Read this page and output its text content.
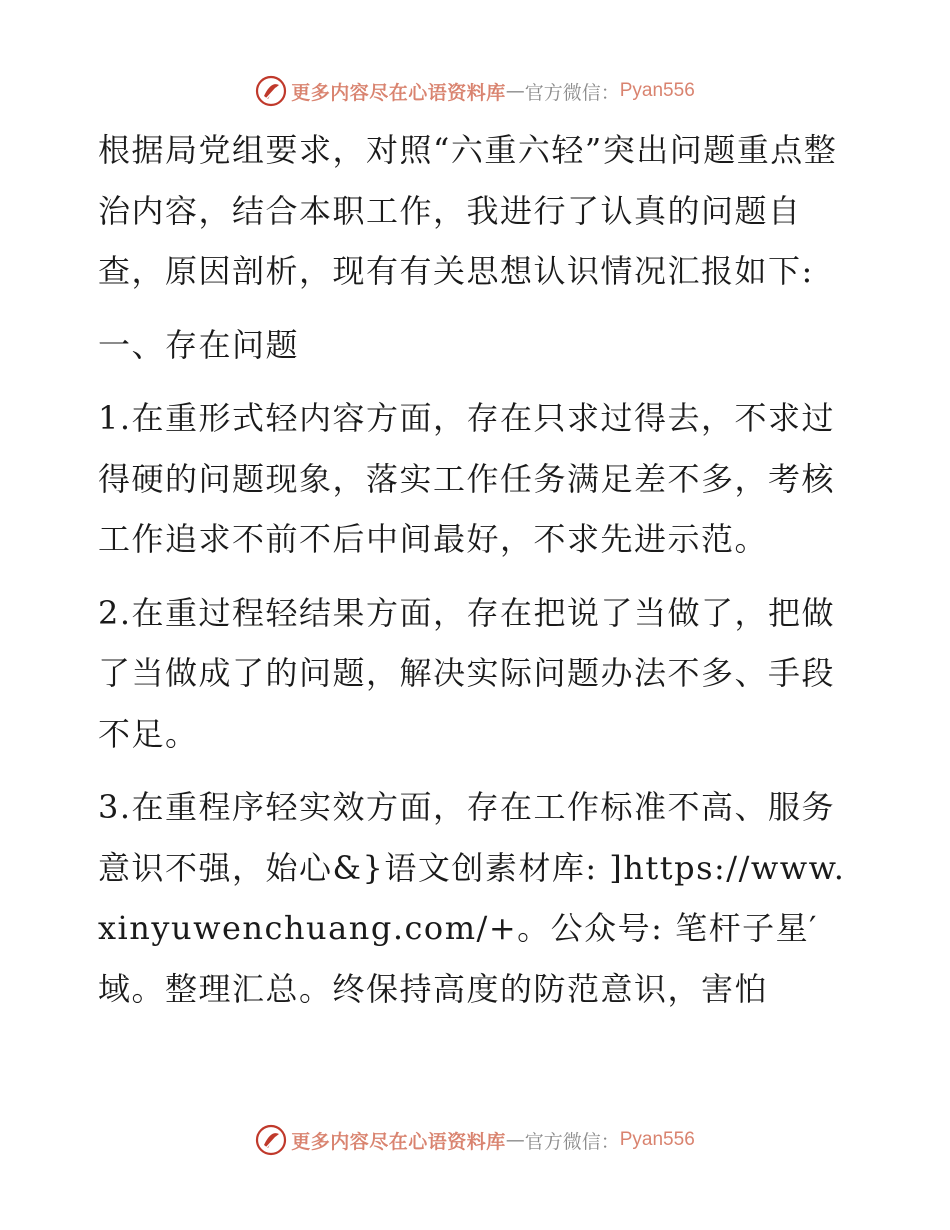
更多内容尽在心语资料库 — 官方微信： Pyan556

根据局党组要求，对照“六重六轻”突出问题重点整治内容，结合本职工作，我进行了认真的问题自查，原因剖析，现有有关思想认识情况汇报如下:

一、存在问题

1.在重形式轻内容方面，存在只求过得去，不求过得硬的问题现象，落实工作任务满足差不多，考核工作追求不前不后中间最好，不求先进示范。

2.在重过程轻结果方面，存在把说了当做了，把做了当做成了的问题，解决实际问题办法不多、手段不足。

3.在重程序轻实效方面，存在工作标准不高、服务意识不强，始心&}语文创素材库: ]https://www.xinyuwenchuang.com/+。公众号: 笔杆子星′域。整理汇总。终保持高度的防范意识，害怕

更多内容尽在心语资料库 — 官方微信： Pyan556
